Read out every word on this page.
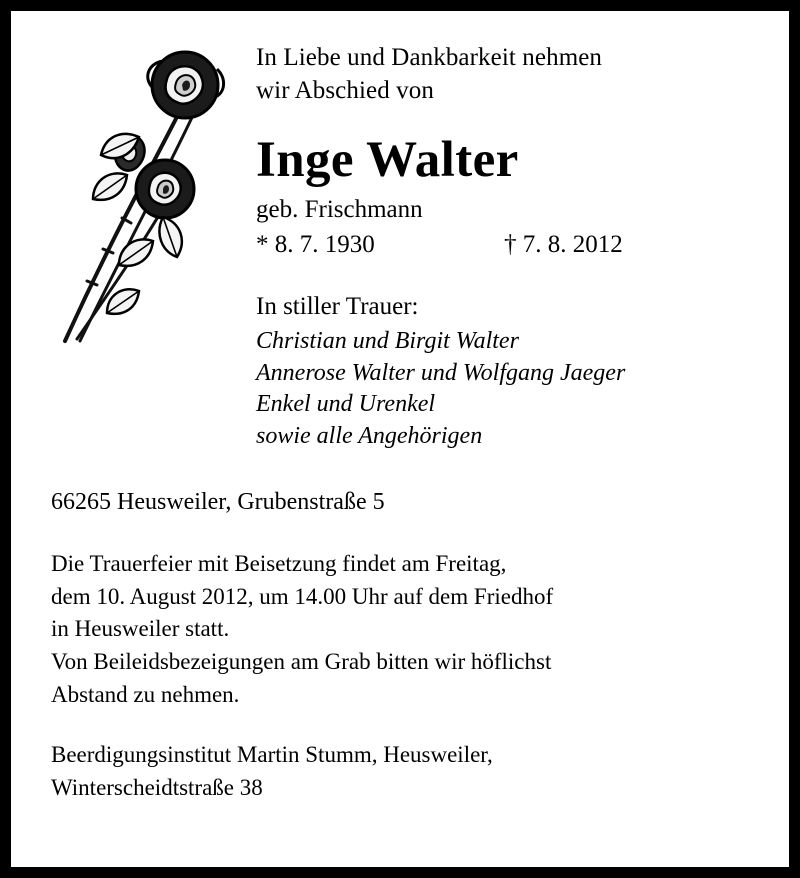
In Liebe und Dankbarkeit nehmen
wir Abschied von
Inge Walter
geb. Frischmann
* 8. 7. 1930	† 7. 8. 2012
In stiller Trauer:
Christian und Birgit Walter
Annerose Walter und Wolfgang Jaeger
Enkel und Urenkel
sowie alle Angehörigen
66265 Heusweiler, Grubenstraße 5
Die Trauerfeier mit Beisetzung findet am Freitag,
dem 10. August 2012, um 14.00 Uhr auf dem Friedhof
in Heusweiler statt.
Von Beileidsbezeigungen am Grab bitten wir höflichst
Abstand zu nehmen.
Beerdigungsinstitut Martin Stumm, Heusweiler,
Winterscheidtstraße 38
